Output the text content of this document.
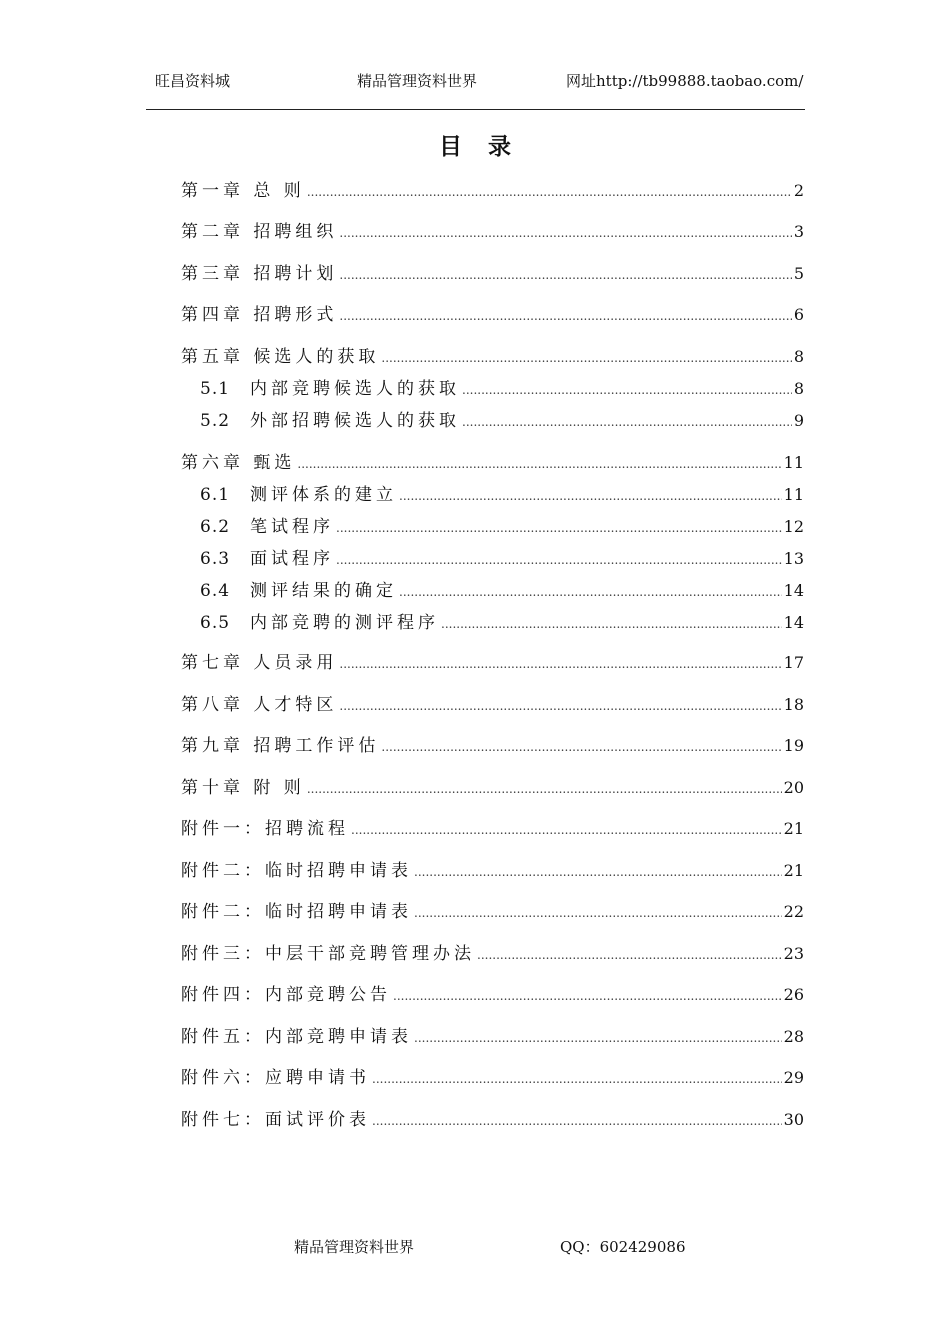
旺昌资料城	精品管理资料世界	网址
http://tb99888.taobao.com/
目录
第一章 总 则 .....	2
第二章 招聘组织 .....	3
第三章 招聘计划 .....	5
第四章 招聘形式 .....	6
第五章 候选人的获取 .....	8
5.1	内部竞聘候选人的获取 .....	8
5.2	外部招聘候选人的获取 .....	9
第六章 甄选 .....	11
6.1	测评体系的建立 .....	11
6.2	笔试程序 .....	12
6.3	面试程序 .....	13
6.4	测评结果的确定 .....	14
6.5	内部竞聘的测评程序 .....	14
第七章 人员录用 .....	17
第八章 人才特区 .....	18
第九章 招聘工作评估 .....	19
第十章 附 则 .....	20
附件一：招聘流程 .....	21
附件二：临时招聘申请表 .....	21
附件二：临时招聘申请表 .....	22
附件三：中层干部竞聘管理办法 .....	23
附件四：内部竞聘公告 .....	26
附件五：内部竞聘申请表 .....	28
附件六：应聘申请书 .....	29
附件七：面试评价表 .....	30
精品管理资料世界	QQ：602429086
